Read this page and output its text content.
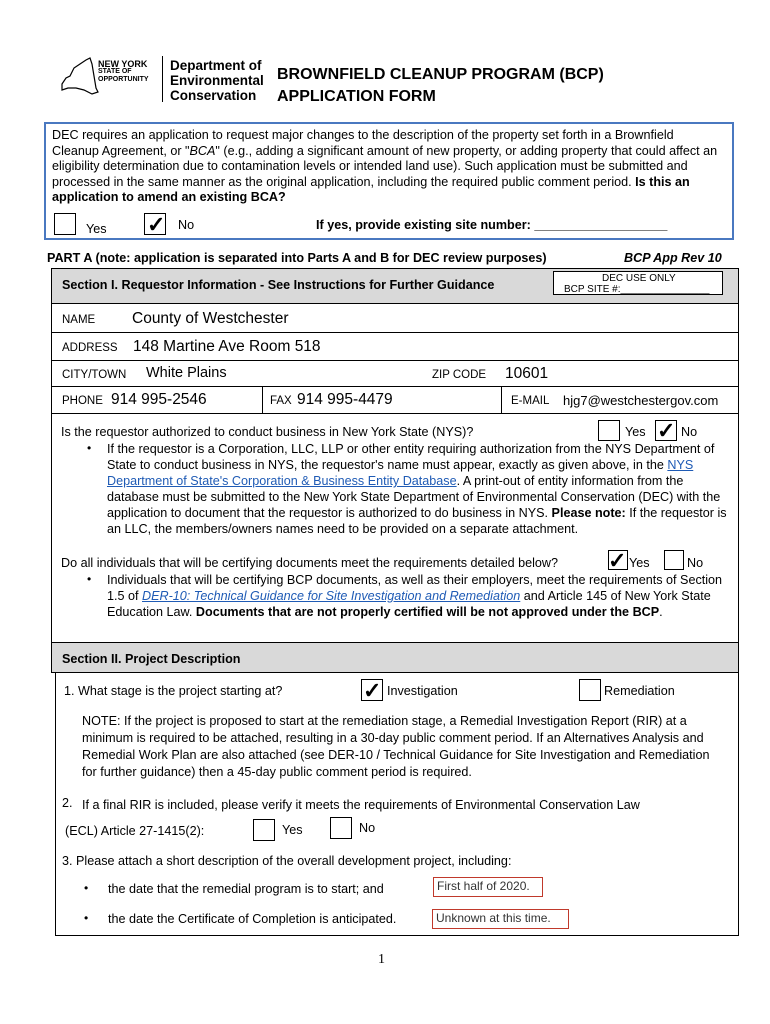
NEW YORK
STATE OF
OPPORTUNITY
Department of
Environmental
Conservation
BROWNFIELD CLEANUP PROGRAM (BCP)
APPLICATION FORM
DEC requires an application to request major changes to the description of the property set forth in a Brownfield Cleanup Agreement, or "BCA" (e.g., adding a significant amount of new property, or adding property that could affect an eligibility determination due to contamination levels or intended land use). Such application must be submitted and processed in the same manner as the original application, including the required public comment period. Is this an application to amend an existing BCA?
Yes ✓ No	If yes, provide existing site number: ___________________
PART A (note: application is separated into Parts A and B for DEC review purposes)	BCP App Rev 10
Section I. Requestor Information - See Instructions for Further Guidance	DEC USE ONLY
BCP SITE #:________________
NAME County of Westchester
ADDRESS 148 Martine Ave Room 518
CITY/TOWN White Plains	ZIP CODE 10601
PHONE 914 995-2546	FAX 914 995-4479	E-MAIL hjg7@westchestergov.com
Is the requestor authorized to conduct business in New York State (NYS)?	Yes ✓ No
• If the requestor is a Corporation, LLC, LLP or other entity requiring authorization from the NYS Department of State to conduct business in NYS, the requestor's name must appear, exactly as given above, in the NYS Department of State's Corporation & Business Entity Database. A print-out of entity information from the database must be submitted to the New York State Department of Environmental Conservation (DEC) with the application to document that the requestor is authorized to do business in NYS. Please note: If the requestor is an LLC, the members/owners names need to be provided on a separate attachment.
Do all individuals that will be certifying documents meet the requirements detailed below? ✓ Yes	No
• Individuals that will be certifying BCP documents, as well as their employers, meet the requirements of Section 1.5 of DER-10: Technical Guidance for Site Investigation and Remediation and Article 145 of New York State Education Law. Documents that are not properly certified will be not approved under the BCP.
Section II. Project Description
1. What stage is the project starting at?	✓ Investigation	Remediation
NOTE: If the project is proposed to start at the remediation stage, a Remedial Investigation Report (RIR) at a minimum is required to be attached, resulting in a 30-day public comment period. If an Alternatives Analysis and Remedial Work Plan are also attached (see DER-10 / Technical Guidance for Site Investigation and Remediation for further guidance) then a 45-day public comment period is required.
2. If a final RIR is included, please verify it meets the requirements of Environmental Conservation Law
(ECL) Article 27-1415(2):	Yes	No
3. Please attach a short description of the overall development project, including:
• the date that the remedial program is to start; and	First half of 2020.
• the date the Certificate of Completion is anticipated.	Unknown at this time.
1
